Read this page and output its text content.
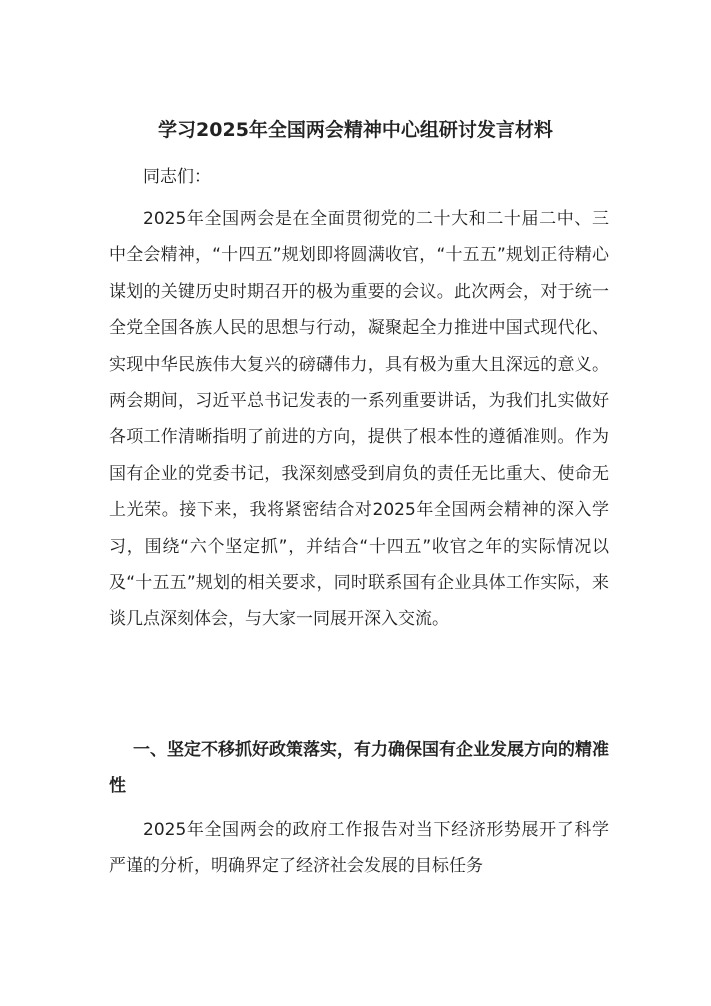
学习2025年全国两会精神中心组研讨发言材料
同志们：

2025年全国两会是在全面贯彻党的二十大和二十届二中、三中全会精神，“十四五”规划即将圆满收官，“十五五”规划正待精心谋划的关键历史时期召开的极为重要的会议。此次两会，对于统一全党全国各族人民的思想与行动，凝聚起全力推进中国式现代化、实现中华民族伟大复兴的磅礴伟力，具有极为重大且深远的意义。两会期间，习近平总书记发表的一系列重要讲话，为我们扎实做好各项工作清晰指明了前进的方向，提供了根本性的遵循准则。作为国有企业的党委书记，我深刻感受到肩负的责任无比重大、使命无上光荣。接下来，我将紧密结合对2025年全国两会精神的深入学习，围绕“六个坚定抓”，并结合“十四五”收官之年的实际情况以及“十五五”规划的相关要求，同时联系国有企业具体工作实际，来谈几点深刻体会，与大家一同展开深入交流。

一、坚定不移抓好政策落实，有力确保国有企业发展方向的精准性

2025年全国两会的政府工作报告对当下经济形势展开了科学严谨的分析，明确界定了经济社会发展的目标任务
